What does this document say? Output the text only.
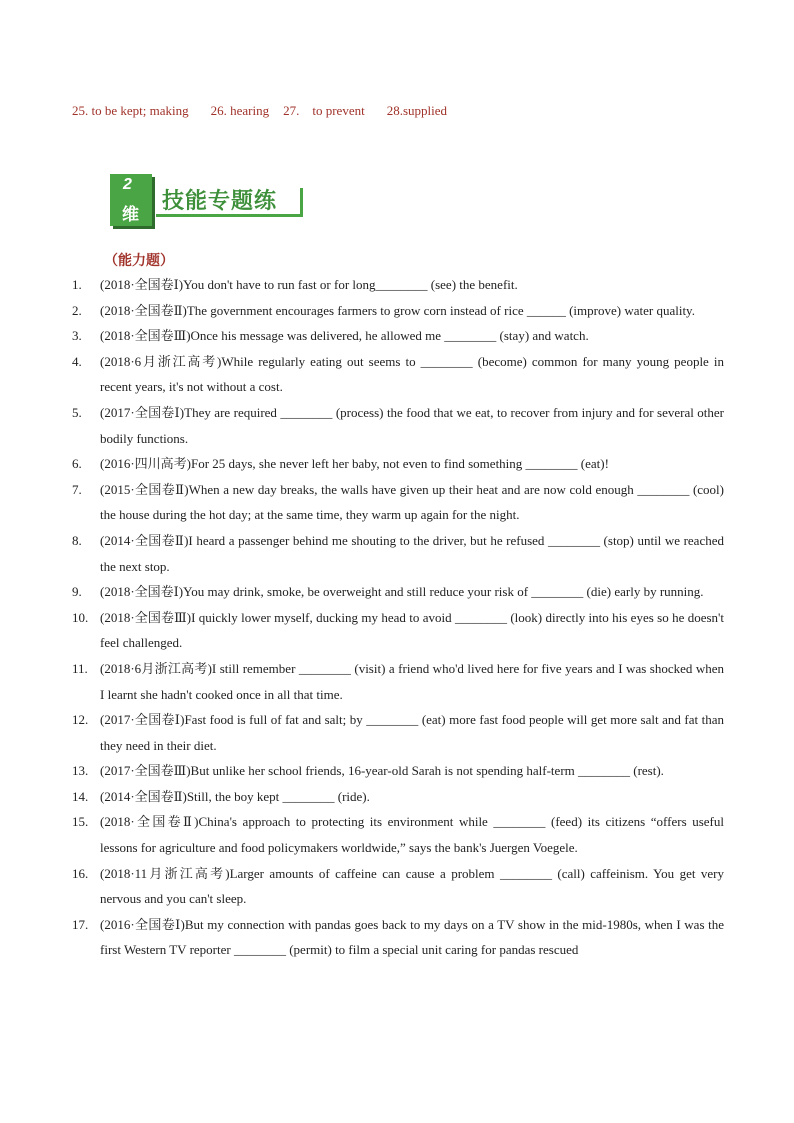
25. to be kept; making 26. hearing 27.    to prevent 28.supplied
2
维
技能专题练
（能力题）
1. (2018·全国卷Ⅰ)You don't have to run fast or for long________ (see) the benefit.
2. (2018·全国卷Ⅱ)The government encourages farmers to grow corn instead of rice ______ (improve) water quality.
3. (2018·全国卷Ⅲ)Once his message was delivered, he allowed me ________ (stay) and watch.
4. (2018·6月浙江高考)While regularly eating out seems to ________ (become) common for many young people in recent years, it's not without a cost.
5. (2017·全国卷Ⅰ)They are required ________ (process) the food that we eat, to recover from injury and for several other bodily functions.
6. (2016·四川高考)For 25 days, she never left her baby, not even to find something ________ (eat)!
7. (2015·全国卷Ⅱ)When a new day breaks, the walls have given up their heat and are now cold enough ________ (cool) the house during the hot day; at the same time, they warm up again for the night.
8. (2014·全国卷Ⅱ)I heard a passenger behind me shouting to the driver, but he refused ________ (stop) until we reached the next stop.
9. (2018·全国卷Ⅰ)You may drink, smoke, be overweight and still reduce your risk of ________ (die) early by running.
10. (2018·全国卷Ⅲ)I quickly lower myself, ducking my head to avoid ________ (look) directly into his eyes so he doesn't feel challenged.
11. (2018·6月浙江高考)I still remember ________ (visit) a friend who'd lived here for five years and I was shocked when I learnt she hadn't cooked once in all that time.
12. (2017·全国卷Ⅰ)Fast food is full of fat and salt; by ________ (eat) more fast food people will get more salt and fat than they need in their diet.
13. (2017·全国卷Ⅲ)But unlike her school friends, 16-year-old Sarah is not spending half-term ________ (rest).
14. (2014·全国卷Ⅱ)Still, the boy kept ________ (ride).
15. (2018·全国卷Ⅱ)China's approach to protecting its environment while ________ (feed) its citizens “offers useful lessons for agriculture and food policymakers worldwide,” says the bank's Juergen Voegele.
16. (2018·11月浙江高考)Larger amounts of caffeine can cause a problem ________ (call) caffeinism. You get very nervous and you can't sleep.
17. (2016·全国卷Ⅰ)But my connection with pandas goes back to my days on a TV show in the mid-1980s, when I was the first Western TV reporter ________ (permit) to film a special unit caring for pandas rescued
